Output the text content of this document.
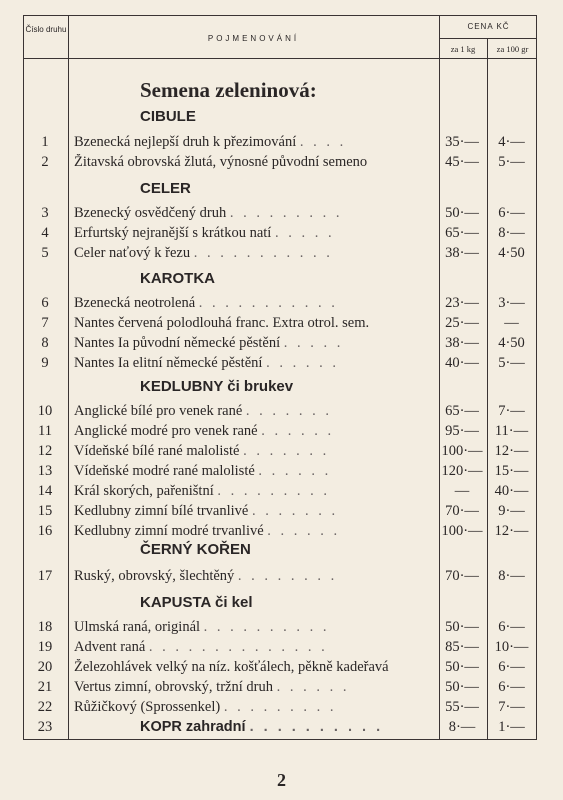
Číslo druhu
POJMENOVÁNÍ
CENA KČ
za 1 kg	za 100 gr
Semena zeleninová:
CIBULE
CELER
KAROTKA
KEDLUBNY či brukev
ČERNÝ KOŘEN
KAPUSTA či kel
1	Bzenecká nejlepší druh k přezimování . . . .	35·—	4·—
2	Žitavská obrovská žlutá, výnosné původní semeno	45·—	5·—
3	Bzenecký osvědčený druh . . . . . . . . .	50·—	6·—
4	Erfurtský nejranější s krátkou natí . . . . .	65·—	8·—
5	Celer naťový k řezu . . . . . . . . . . .	38·—	4·50
6	Bzenecká neotrolená . . . . . . . . . . .	23·—	3·—
7	Nantes červená polodlouhá franc. Extra otrol. sem.	25·—	—
8	Nantes Ia původní německé pěstění . . . . .	38·—	4·50
9	Nantes Ia elitní německé pěstění . . . . . .	40·—	5·—
10	Anglické bílé pro venek rané . . . . . . .	65·—	7·—
11	Anglické modré pro venek rané . . . . . .	95·—	11·—
12	Vídeňské bílé rané malolisté . . . . . . .	100·— 12·—
13	Vídeňské modré rané malolisté . . . . . .	120·— 15·—
14	Král skorých, pařeništní . . . . . . . . .	—	40·—
15	Kedlubny zimní bílé trvanlivé . . . . . . .	70·—	9·—
16	Kedlubny zimní modré trvanlivé . . . . . .	100·— 12·—
17	Ruský, obrovský, šlechtěný . . . . . . . .	70·—	8·—
18	Ulmská raná, originál . . . . . . . . . .	50·—	6·—
19	Advent raná . . . . . . . . . . . . . .	85·—	10·—
20	Železohlávek velký na níz. košťálech, pěkně kadeřavá	50·—	6·—
21	Vertus zimní, obrovský, tržní druh . . . . . .	50·—	6·—
22	Růžičkový (Sprossenkel) . . . . . . . . .	55·—	7·—
23	KOPR zahradní . . . . . . . . . .	8·—	1·—
2
